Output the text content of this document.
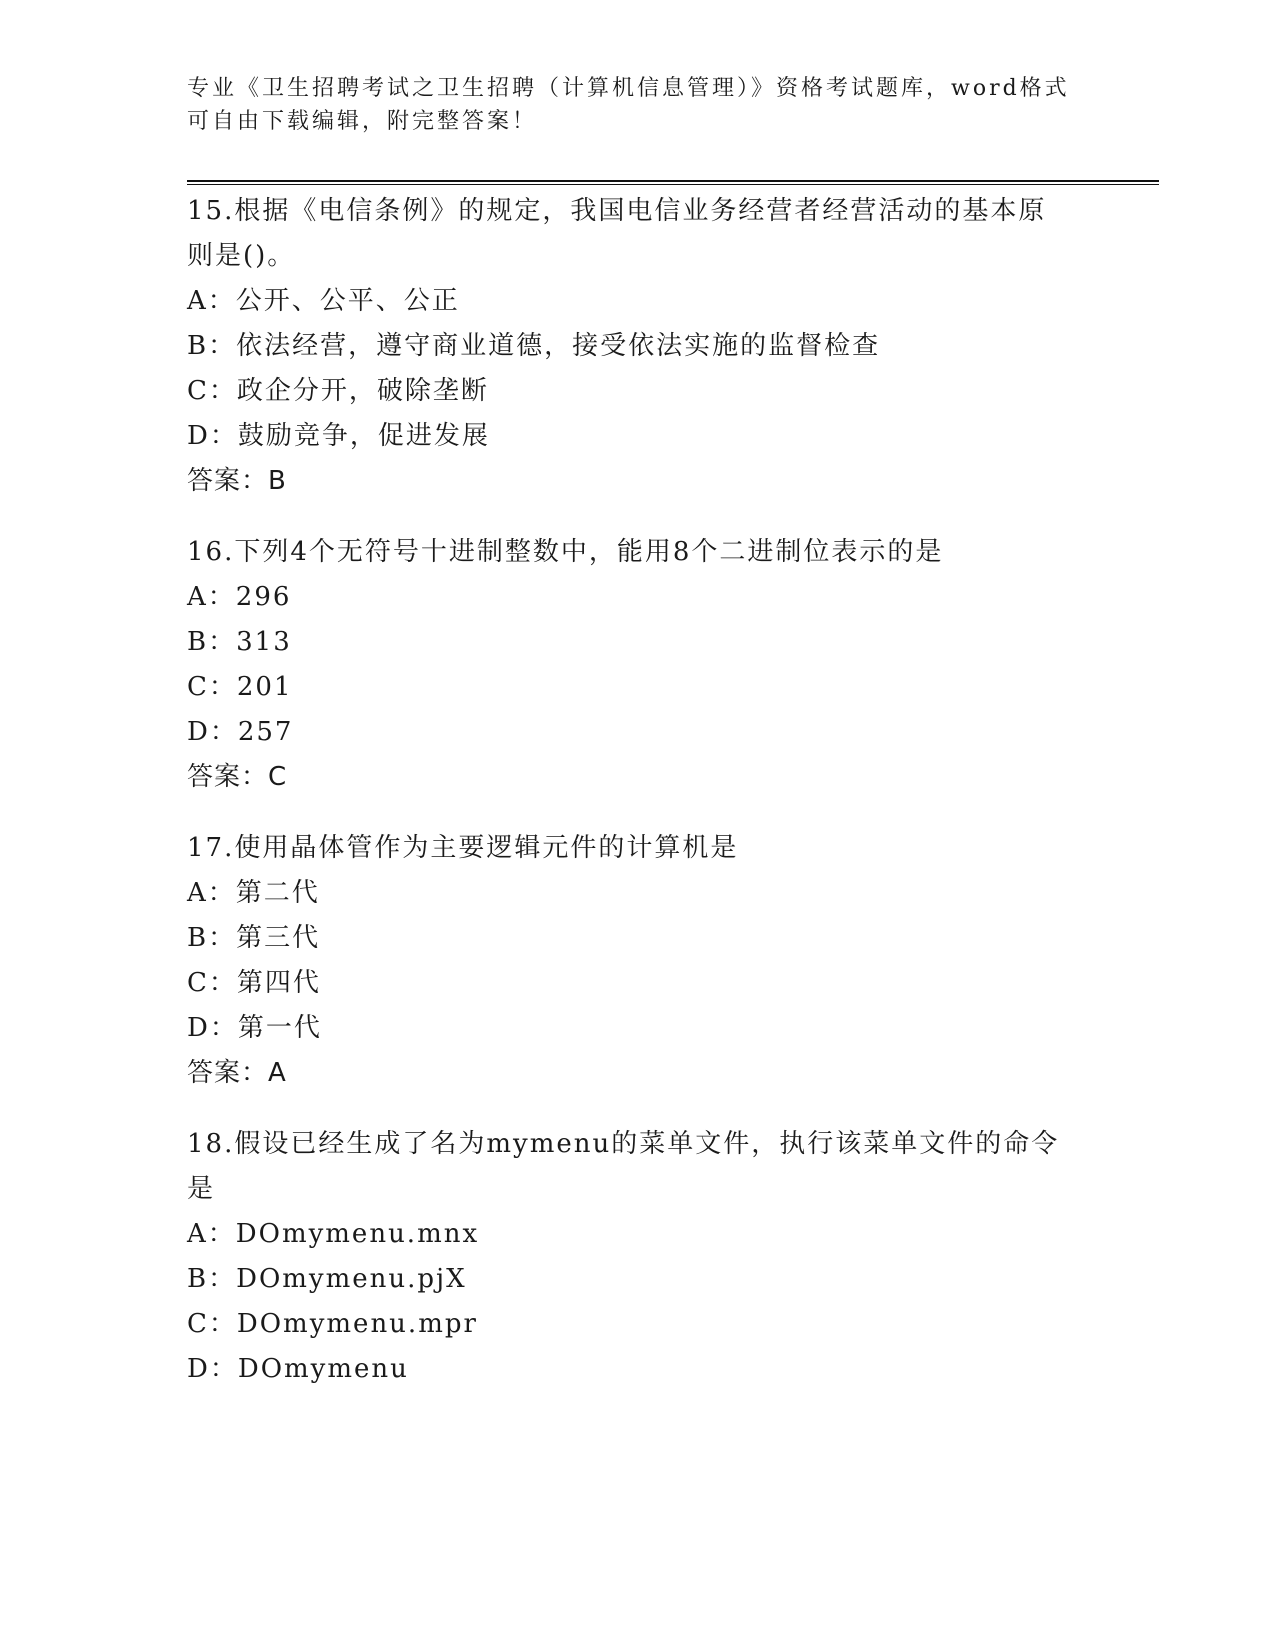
专业《卫生招聘考试之卫生招聘（计算机信息管理）》资格考试题库，word格式
可自由下载编辑，附完整答案！
15.根据《电信条例》的规定，我国电信业务经营者经营活动的基本原
则是()。
A：公开、公平、公正
B：依法经营，遵守商业道德，接受依法实施的监督检查
C：政企分开，破除垄断
D：鼓励竞争，促进发展
答案：B
16.下列4个无符号十进制整数中，能用8个二进制位表示的是
A：296
B：313
C：201
D：257
答案：C
17.使用晶体管作为主要逻辑元件的计算机是
A：第二代
B：第三代
C：第四代
D：第一代
答案：A
18.假设已经生成了名为mymenu的菜单文件，执行该菜单文件的命令
是
A：DOmymenu.mnx
B：DOmymenu.pjX
C：DOmymenu.mpr
D：DOmymenu
